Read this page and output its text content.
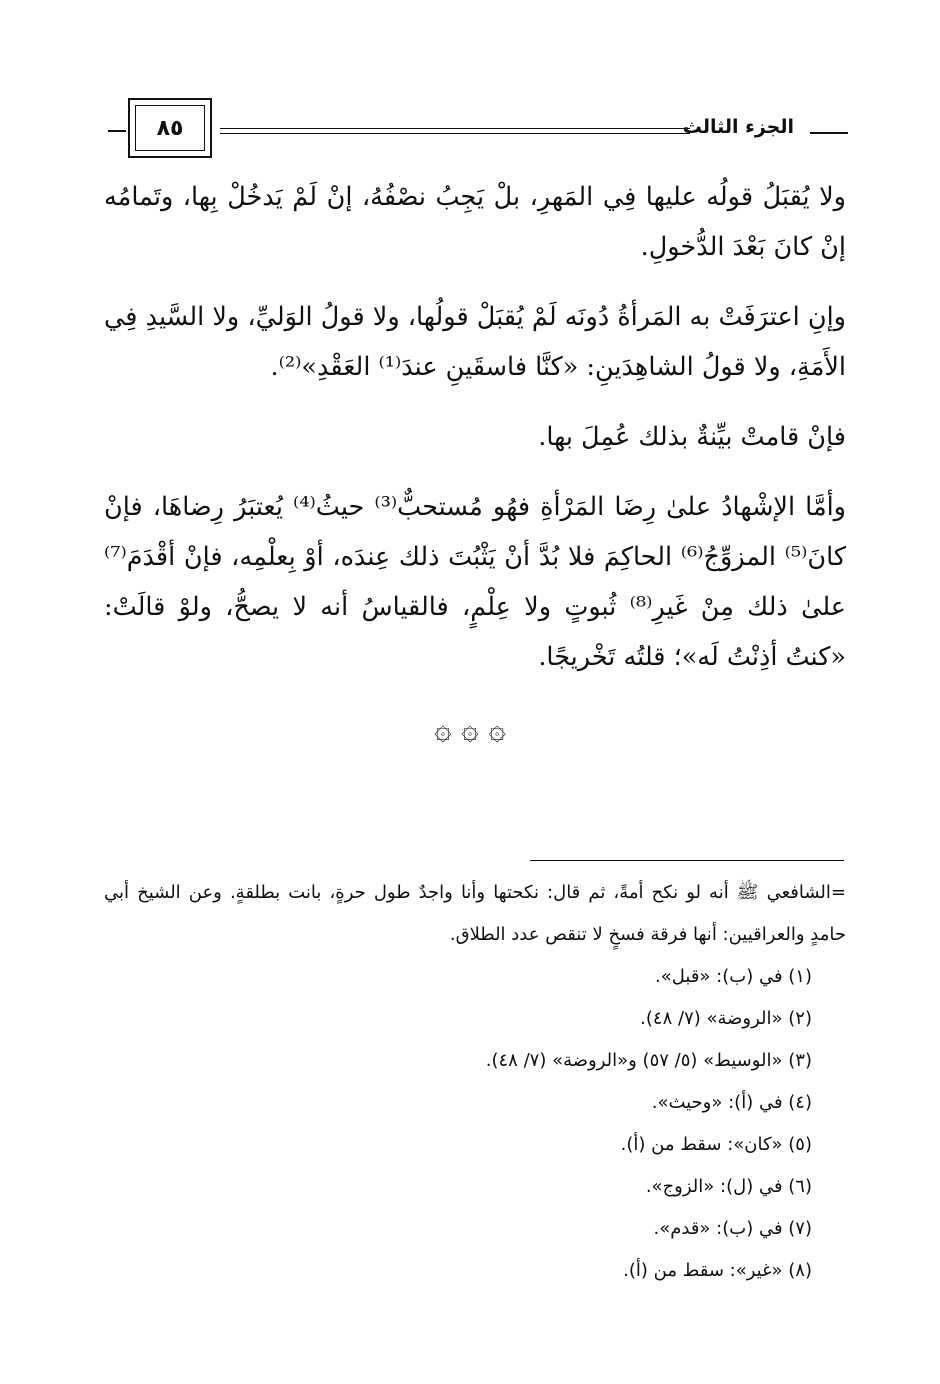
الجزء الثالث
٨٥

ولا يُقبَلُ قولُه عليها فِي المَهرِ، بلْ يَجِبُ نصْفُهُ، إنْ لَمْ يَدخُلْ بِها، وتَمامُه إنْ كانَ بَعْدَ الدُّخولِ.

وإنِ اعترَفَتْ به المَرأةُ دُونَه لَمْ يُقبَلْ قولُها، ولا قولُ الوَليِّ، ولا السَّيدِ فِي الأَمَةِ، ولا قولُ الشاهِدَينِ: «كنَّا فاسقَينِ عندَ⁽¹⁾ العَقْدِ»⁽²⁾.

فإنْ قامتْ بيِّنةٌ بذلك عُمِلَ بها.

وأمَّا الإشْهادُ علىٰ رِضَا المَرْأةِ فهُو مُستحبٌّ⁽³⁾ حيثُ⁽⁴⁾ يُعتبَرُ رِضاهَا، فإنْ كانَ⁽⁵⁾ المزوِّجُ⁽⁶⁾ الحاكِمَ فلا بُدَّ أنْ يَثْبُتَ ذلك عِندَه، أوْ بِعلْمِه، فإنْ أقْدَمَ⁽⁷⁾ علىٰ ذلك مِنْ غَيرِ⁽⁸⁾ ثُبوتٍ ولا عِلْمٍ، فالقياسُ أنه لا يصحُّ، ولوْ قالَتْ: «كنتُ أذِنْتُ لَه»؛ قلتُه تَخْريجًا.

۞ ۞ ۞

=الشافعي ﷺ أنه لو نكح أمةً، ثم قال: نكحتها وأنا واجدٌ طول حرةٍ، بانت بطلقةٍ. وعن الشيخ أبي حامدٍ والعراقيين: أنها فرقة فسخٍ لا تنقص عدد الطلاق.

(١) في (ب): «قبل».
(٢) «الروضة» (٧/ ٤٨).
(٣) «الوسيط» (٥/ ٥٧) و«الروضة» (٧/ ٤٨).
(٤) في (أ): «وحيث».
(٥) «كان»: سقط من (أ).
(٦) في (ل): «الزوج».
(٧) في (ب): «قدم».
(٨) «غير»: سقط من (أ).
